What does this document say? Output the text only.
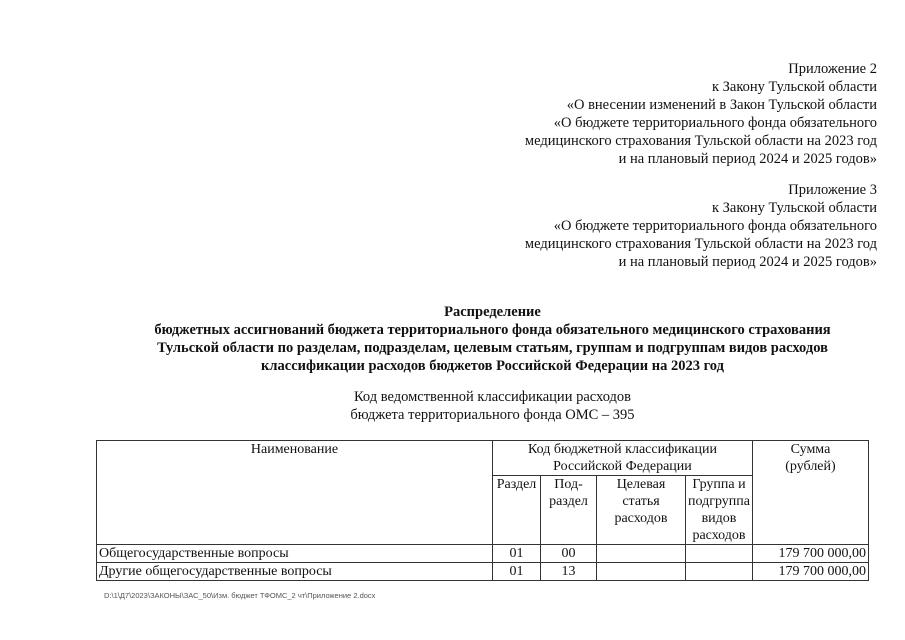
Приложение 2
к Закону Тульской области
«О внесении изменений в Закон Тульской области
«О бюджете территориального фонда обязательного
медицинского страхования Тульской области на 2023 год
и на плановый период 2024 и 2025 годов»
Приложение 3
к Закону Тульской области
«О бюджете территориального фонда обязательного
медицинского страхования Тульской области на 2023 год
и на плановый период 2024 и 2025 годов»
Распределение
бюджетных ассигнований бюджета территориального фонда обязательного медицинского страхования
Тульской области по разделам, подразделам, целевым статьям, группам и подгруппам видов расходов
классификации расходов бюджетов Российской Федерации на 2023 год
Код ведомственной классификации расходов
бюджета территориального фонда ОМС – 395
Наименование	Код бюджетной классификации Российской Федерации				Сумма (рублей)
	Раздел	Под-раздел	Целевая статья расходов	Группа и подгруппа видов расходов	
Общегосударственные вопросы	01	00			179 700 000,00
Другие общегосударственные вопросы	01	13			179 700 000,00
D:\1\Д7\2023\ЗАКОНЫ\ЗАС_50\Изм. бюджет ТФОМС_2 чт\Приложение 2.docx
